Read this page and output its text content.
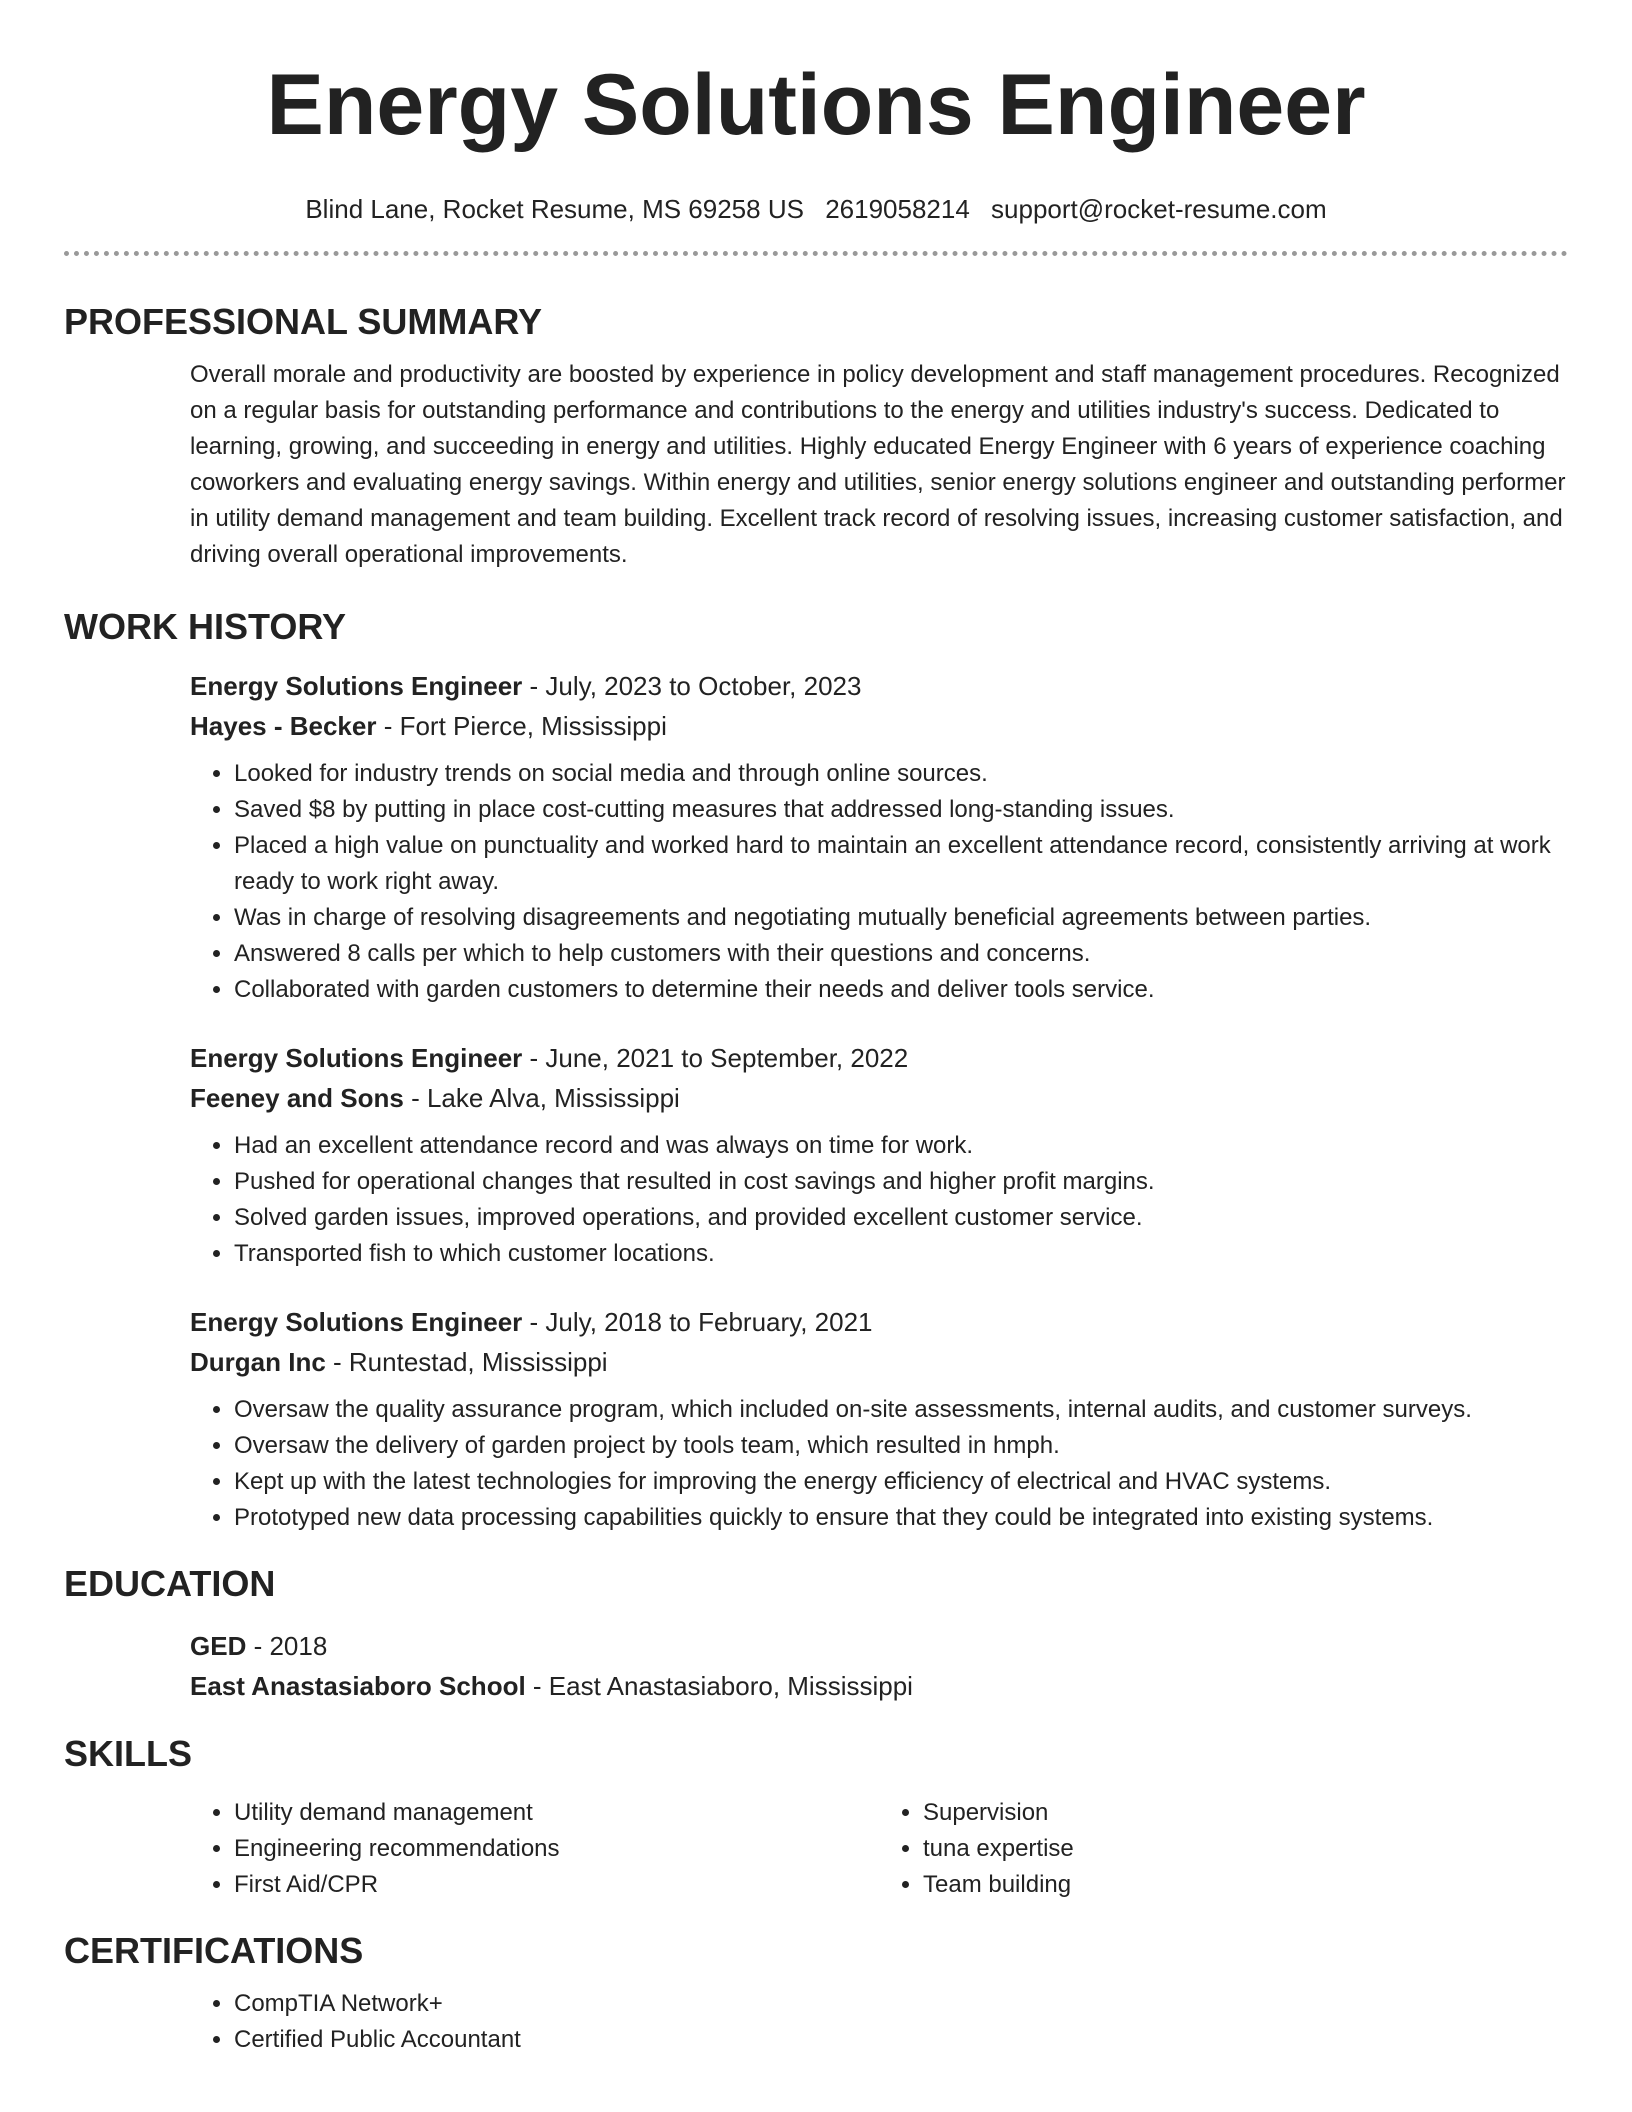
Energy Solutions Engineer
Blind Lane, Rocket Resume, MS 69258 US 2619058214 support@rocket-resume.com
PROFESSIONAL SUMMARY

Overall morale and productivity are boosted by experience in policy development and staff management procedures. Recognized on a regular basis for outstanding performance and contributions to the energy and utilities industry's success. Dedicated to learning, growing, and succeeding in energy and utilities. Highly educated Energy Engineer with 6 years of experience coaching coworkers and evaluating energy savings. Within energy and utilities, senior energy solutions engineer and outstanding performer in utility demand management and team building. Excellent track record of resolving issues, increasing customer satisfaction, and driving overall operational improvements.

WORK HISTORY
Energy Solutions Engineer - July, 2023 to October, 2023
Hayes - Becker - Fort Pierce, Mississippi
• Looked for industry trends on social media and through online sources.
• Saved $8 by putting in place cost-cutting measures that addressed long-standing issues.
• Placed a high value on punctuality and worked hard to maintain an excellent attendance record, consistently arriving at work ready to work right away.
• Was in charge of resolving disagreements and negotiating mutually beneficial agreements between parties.
• Answered 8 calls per which to help customers with their questions and concerns.
• Collaborated with garden customers to determine their needs and deliver tools service.
Energy Solutions Engineer - June, 2021 to September, 2022
Feeney and Sons - Lake Alva, Mississippi
• Had an excellent attendance record and was always on time for work.
• Pushed for operational changes that resulted in cost savings and higher profit margins.
• Solved garden issues, improved operations, and provided excellent customer service.
• Transported fish to which customer locations.
Energy Solutions Engineer - July, 2018 to February, 2021
Durgan Inc - Runtestad, Mississippi
• Oversaw the quality assurance program, which included on-site assessments, internal audits, and customer surveys.
• Oversaw the delivery of garden project by tools team, which resulted in hmph.
• Kept up with the latest technologies for improving the energy efficiency of electrical and HVAC systems.
• Prototyped new data processing capabilities quickly to ensure that they could be integrated into existing systems.
EDUCATION
GED - 2018
East Anastasiaboro School - East Anastasiaboro, Mississippi
SKILLS
• Utility demand management
• Engineering recommendations
• First Aid/CPR
• Supervision
• tuna expertise
• Team building
CERTIFICATIONS
• CompTIA Network+
• Certified Public Accountant
